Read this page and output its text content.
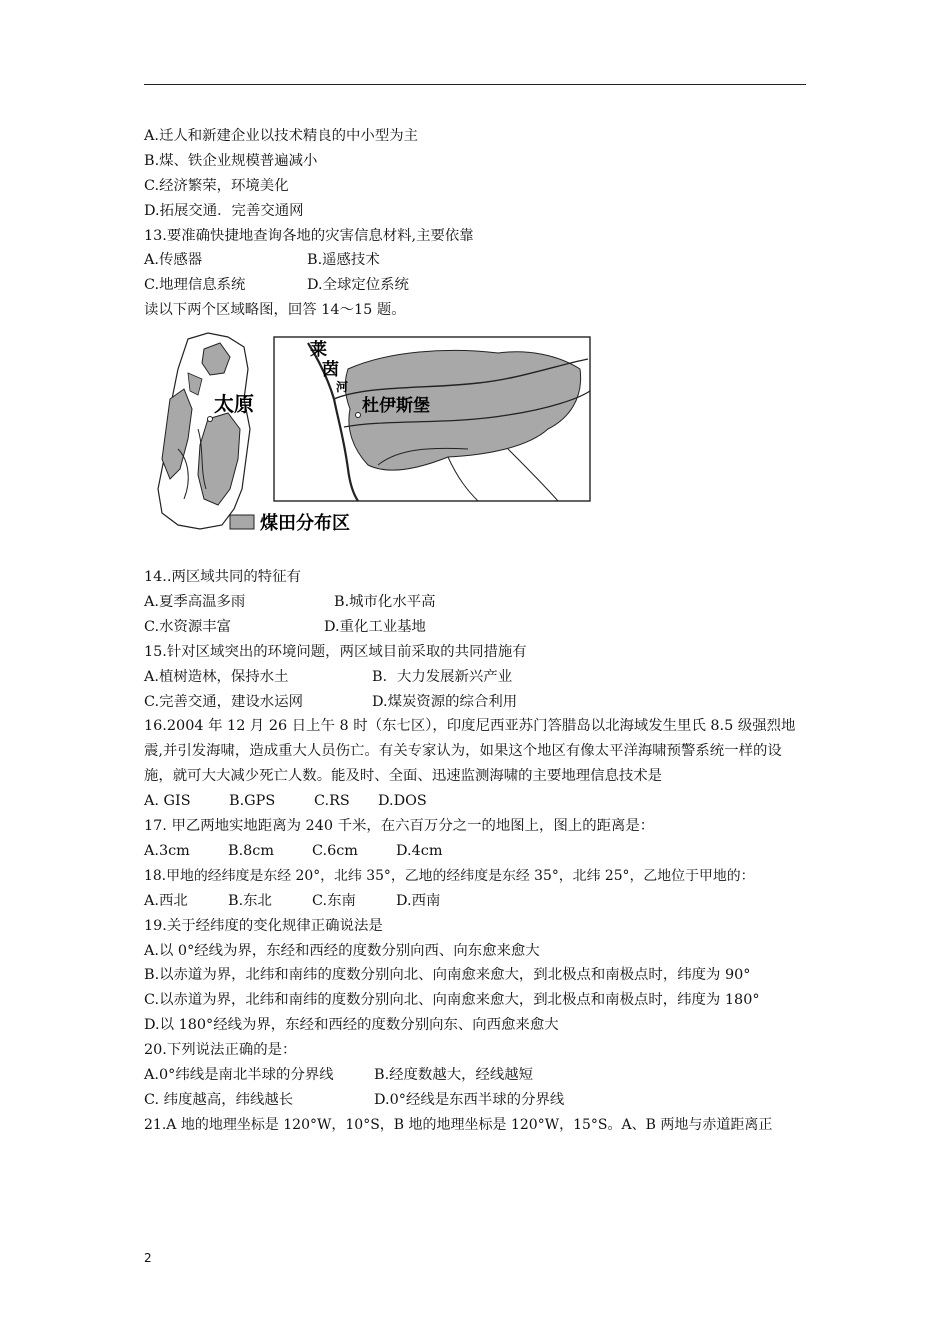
A.迁人和新建企业以技术精良的中小型为主
B.煤、铁企业规模普遍减小
C.经济繁荣，环境美化
D.拓展交通．完善交通网
13.要准确快捷地查询各地的灾害信息材料,主要依靠
A.传感器	B.遥感技术
C.地理信息系统	D.全球定位系统
读以下两个区域略图，回答 14～15 题。
太原
莱
茵
河
杜伊斯堡
煤田分布区
14..两区域共同的特征有
A.夏季高温多雨	B.城市化水平高
C.水资源丰富	D.重化工业基地
15.针对区域突出的环境问题，两区域目前采取的共同措施有
A.植树造林，保持水土	B．大力发展新兴产业
C.完善交通，建设水运网	D.煤炭资源的综合利用
16.2004 年 12 月 26 日上午 8 时（东七区），印度尼西亚苏门答腊岛以北海域发生里氏 8.5 级强烈地震,并引发海啸，造成重大人员伤亡。有关专家认为，如果这个地区有像太平洋海啸预警系统一样的设施，就可大大减少死亡人数。能及时、全面、迅速监测海啸的主要地理信息技术是
A. GIS	B.GPS	C.RS D.DOS
17. 甲乙两地实地距离为 240 千米，在六百万分之一的地图上，图上的距离是：
A.3cm	B.8cm	C.6cm	D.4cm
18.甲地的经纬度是东经 20°，北纬 35°，乙地的经纬度是东经 35°，北纬 25°，乙地位于甲地的：
A.西北	B.东北	C.东南	D.西南
19.关于经纬度的变化规律正确说法是
A.以 0°经线为界，东经和西经的度数分别向西、向东愈来愈大
B.以赤道为界，北纬和南纬的度数分别向北、向南愈来愈大，到北极点和南极点时，纬度为 90°
C.以赤道为界，北纬和南纬的度数分别向北、向南愈来愈大，到北极点和南极点时，纬度为 180°
D.以 180°经线为界，东经和西经的度数分别向东、向西愈来愈大
20.下列说法正确的是：
A.0°纬线是南北半球的分界线	B.经度数越大，经线越短
C. 纬度越高，纬线越长	D.0°经线是东西半球的分界线
21.A 地的地理坐标是 120°W，10°S，B 地的地理坐标是 120°W，15°S。A、B 两地与赤道距离正
2
